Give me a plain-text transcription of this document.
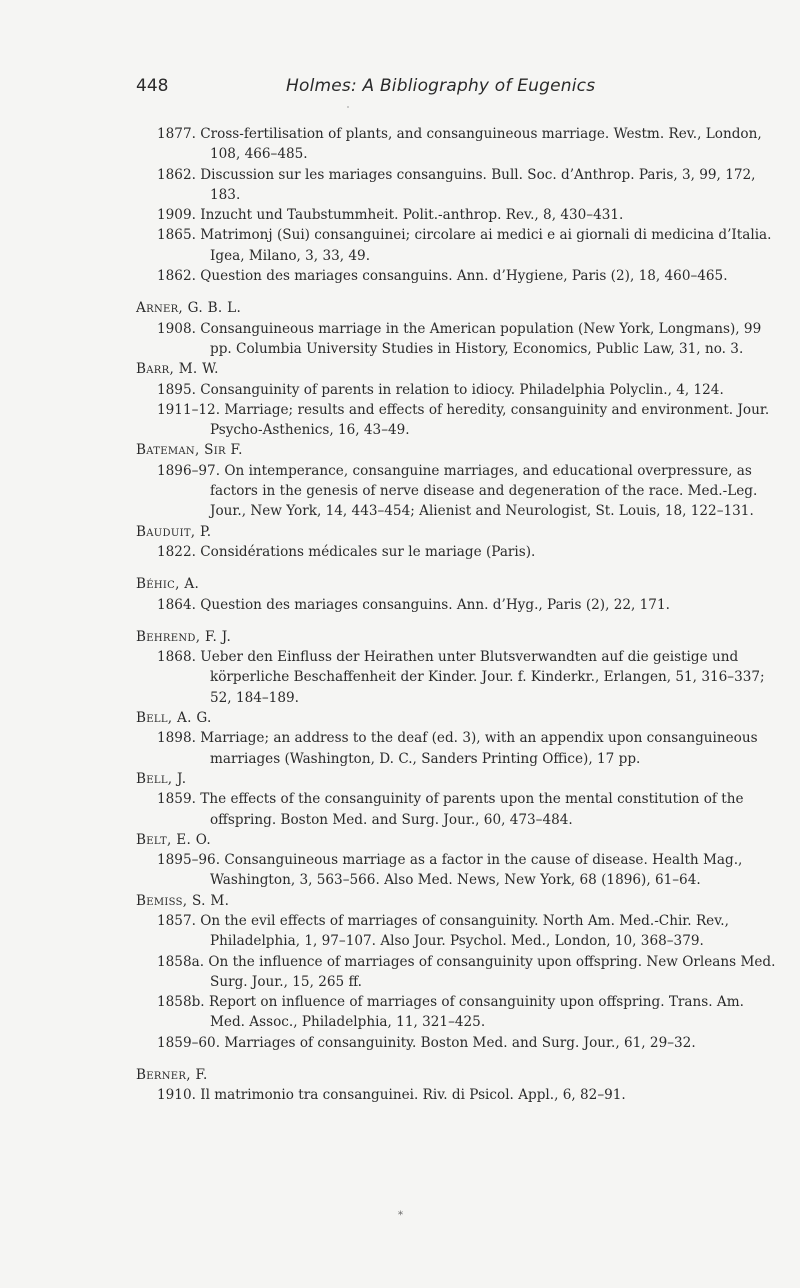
448	Holmes: A Bibliography of Eugenics
1877. Cross-fertilisation of plants, and consanguineous marriage. Westm. Rev., London, 108, 466–485.
1862. Discussion sur les mariages consanguins. Bull. Soc. d’Anthrop. Paris, 3, 99, 172, 183.
1909. Inzucht und Taubstummheit. Polit.-anthrop. Rev., 8, 430–431.
1865. Matrimonj (Sui) consanguinei; circolare ai medici e ai giornali di medicina d’Italia. Igea, Milano, 3, 33, 49.
1862. Question des mariages consanguins. Ann. d’Hygiene, Paris (2), 18, 460–465.
Arner, G. B. L.
1908. Consanguineous marriage in the American population (New York, Longmans), 99 pp. Columbia University Studies in History, Economics, Public Law, 31, no. 3.
Barr, M. W.
1895. Consanguinity of parents in relation to idiocy. Philadelphia Polyclin., 4, 124.
1911–12. Marriage; results and effects of heredity, consanguinity and environment. Jour. Psycho-Asthenics, 16, 43–49.
Bateman, Sir F.
1896–97. On intemperance, consanguine marriages, and educational overpressure, as factors in the genesis of nerve disease and degeneration of the race. Med.-Leg. Jour., New York, 14, 443–454; Alienist and Neurologist, St. Louis, 18, 122–131.
Bauduit, P.
1822. Considérations médicales sur le mariage (Paris).
Béhic, A.
1864. Question des mariages consanguins. Ann. d’Hyg., Paris (2), 22, 171.
Behrend, F. J.
1868. Ueber den Einfluss der Heirathen unter Blutsverwandten auf die geistige und körperliche Beschaffenheit der Kinder. Jour. f. Kinderkr., Erlangen, 51, 316–337; 52, 184–189.
Bell, A. G.
1898. Marriage; an address to the deaf (ed. 3), with an appendix upon consanguineous marriages (Washington, D. C., Sanders Printing Office), 17 pp.
Bell, J.
1859. The effects of the consanguinity of parents upon the mental constitution of the offspring. Boston Med. and Surg. Jour., 60, 473–484.
Belt, E. O.
1895–96. Consanguineous marriage as a factor in the cause of disease. Health Mag., Washington, 3, 563–566. Also Med. News, New York, 68 (1896), 61–64.
Bemiss, S. M.
1857. On the evil effects of marriages of consanguinity. North Am. Med.-Chir. Rev., Philadelphia, 1, 97–107. Also Jour. Psychol. Med., London, 10, 368–379.
1858a. On the influence of marriages of consanguinity upon offspring. New Orleans Med. Surg. Jour., 15, 265 ff.
1858b. Report on influence of marriages of consanguinity upon offspring. Trans. Am. Med. Assoc., Philadelphia, 11, 321–425.
1859–60. Marriages of consanguinity. Boston Med. and Surg. Jour., 61, 29–32.
Berner, F.
1910. Il matrimonio tra consanguinei. Riv. di Psicol. Appl., 6, 82–91.
*
